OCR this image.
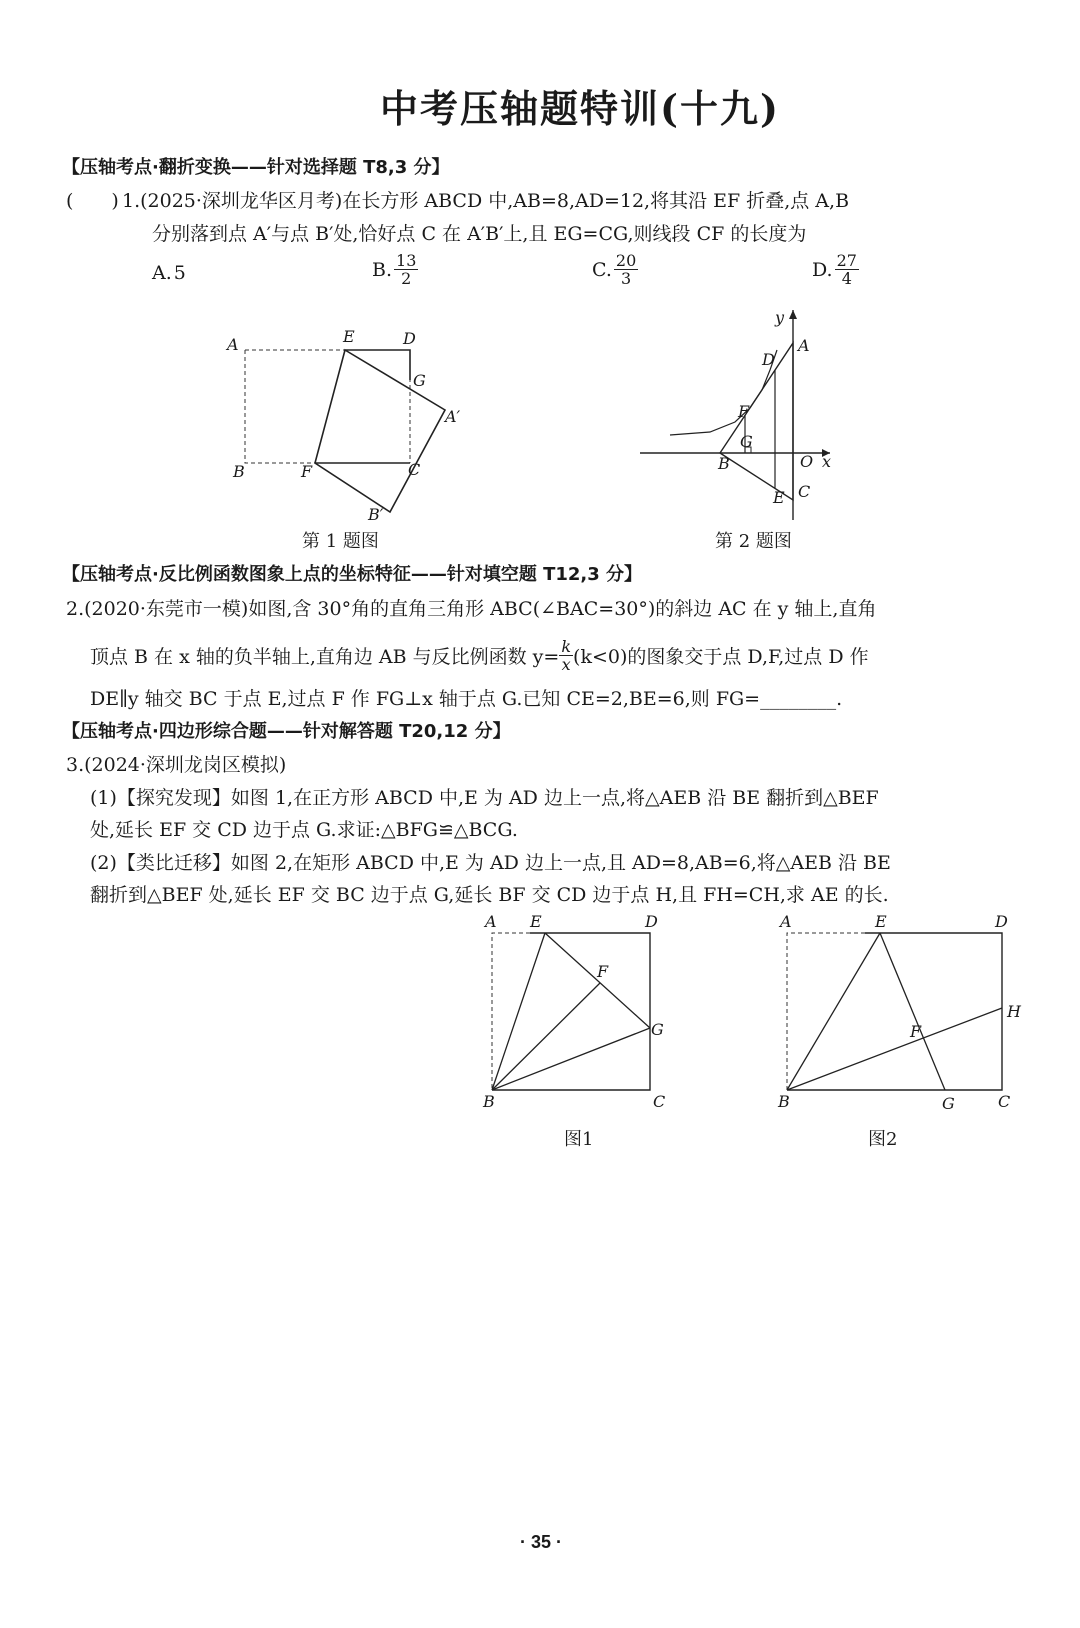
中考压轴题特训(十九)
【压轴考点·翻折变换——针对选择题 T8,3 分】
(　　) 1.(2025·深圳龙华区月考)在长方形 ABCD 中,AB=8,AD=12,将其沿 EF 折叠,点 A,B
分别落到点 A′与点 B′处,恰好点 C 在 A′B′上,且 EG=CG,则线段 CF 的长度为
A. 5	B. $\frac{13}{2}$	C. $\frac{20}{3}$	D. $\frac{27}{4}$
A	E	D
G
A′
B	F	C
B′
第 1 题图
y
A
D
F
G
B	O x
E C
第 2 题图
【压轴考点·反比例函数图象上点的坐标特征——针对填空题 T12,3 分】
2.(2020·东莞市一模)如图,含 30°角的直角三角形 ABC(∠BAC=30°)的斜边 AC 在 y 轴上,直角
顶点 B 在 x 轴的负半轴上,直角边 AB 与反比例函数 $y= \frac{k}{x} (k<0)$的图象交于点 D,F,过点 D 作
DE∥y 轴交 BC 于点 E,过点 F 作 FG⊥x 轴于点 G.已知 CE=2,BE=6,则 FG=________.
【压轴考点·四边形综合题——针对解答题 T20,12 分】
3.(2024·深圳龙岗区模拟)
(1)【探究发现】如图 1,在正方形 ABCD 中,E 为 AD 边上一点,将△AEB 沿 BE 翻折到△BEF
处,延长 EF 交 CD 边于点 G.求证:△BFG≌△BCG.
(2)【类比迁移】如图 2,在矩形 ABCD 中,E 为 AD 边上一点,且 AD=8,AB=6,将△AEB 沿 BE
翻折到△BEF 处,延长 EF 交 BC 边于点 G,延长 BF 交 CD 边于点 H,且 FH=CH,求 AE 的长.
A E	D
F
G
B	C
图1
A	E	D
H
F
B	G	C
图2
· 35 ·
